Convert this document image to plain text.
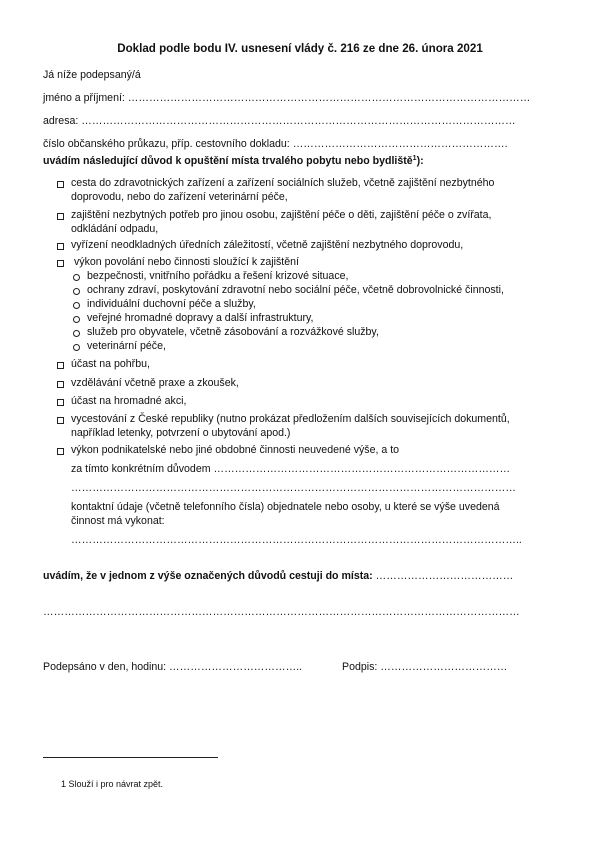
Doklad podle bodu IV. usnesení vlády č. 216 ze dne 26. února 2021
Já níže podepsaný/á
jméno a příjmení: ……………………………………………………………………………………………………
adresa: ……………………………………………………………………………………………………………
číslo občanského průkazu, příp. cestovního dokladu: …………………………………………………….
uvádím následující důvod k opuštění místa trvalého pobytu nebo bydliště$^1$):
cesta do zdravotnických zařízení a zařízení sociálních služeb, včetně zajištění nezbytného
doprovodu, nebo do zařízení veterinární péče,
zajištění nezbytných potřeb pro jinou osobu, zajištění péče o děti, zajištění péče o zvířata,
odkládání odpadu,
vyřízení neodkladných úředních záležitostí, včetně zajištění nezbytného doprovodu,
výkon povolání nebo činnosti sloužící k zajištění
bezpečnosti, vnitřního pořádku a řešení krizové situace,
ochrany zdraví, poskytování zdravotní nebo sociální péče, včetně dobrovolnické činnosti,
individuální duchovní péče a služby,
veřejné hromadné dopravy a další infrastruktury,
služeb pro obyvatele, včetně zásobování a rozvážkové služby,
veterinární péče,
účast na pohřbu,
vzdělávání včetně praxe a zkoušek,
účast na hromadné akci,
vycestování z České republiky (nutno prokázat předložením dalších souvisejících dokumentů,
například letenky, potvrzení o ubytování apod.)
výkon podnikatelské nebo jiné obdobné činnosti neuvedené výše, a to
za tímto konkrétním důvodem …………………………………………………………………………
………………………………………………………………………………………………………………
kontaktní údaje (včetně telefonního čísla) objednatele nebo osoby, u které se výše uvedená
činnost má vykonat:
………………………………………………………………………………………………………………..
uvádím, že v jednom z výše označených důvodů cestuji do místa: …………………………………
………………………………………………………………………………………………………………………
Podepsáno v den, hodinu: ………………………………..	Podpis: ………………………………
1 Slouží i pro návrat zpět.
